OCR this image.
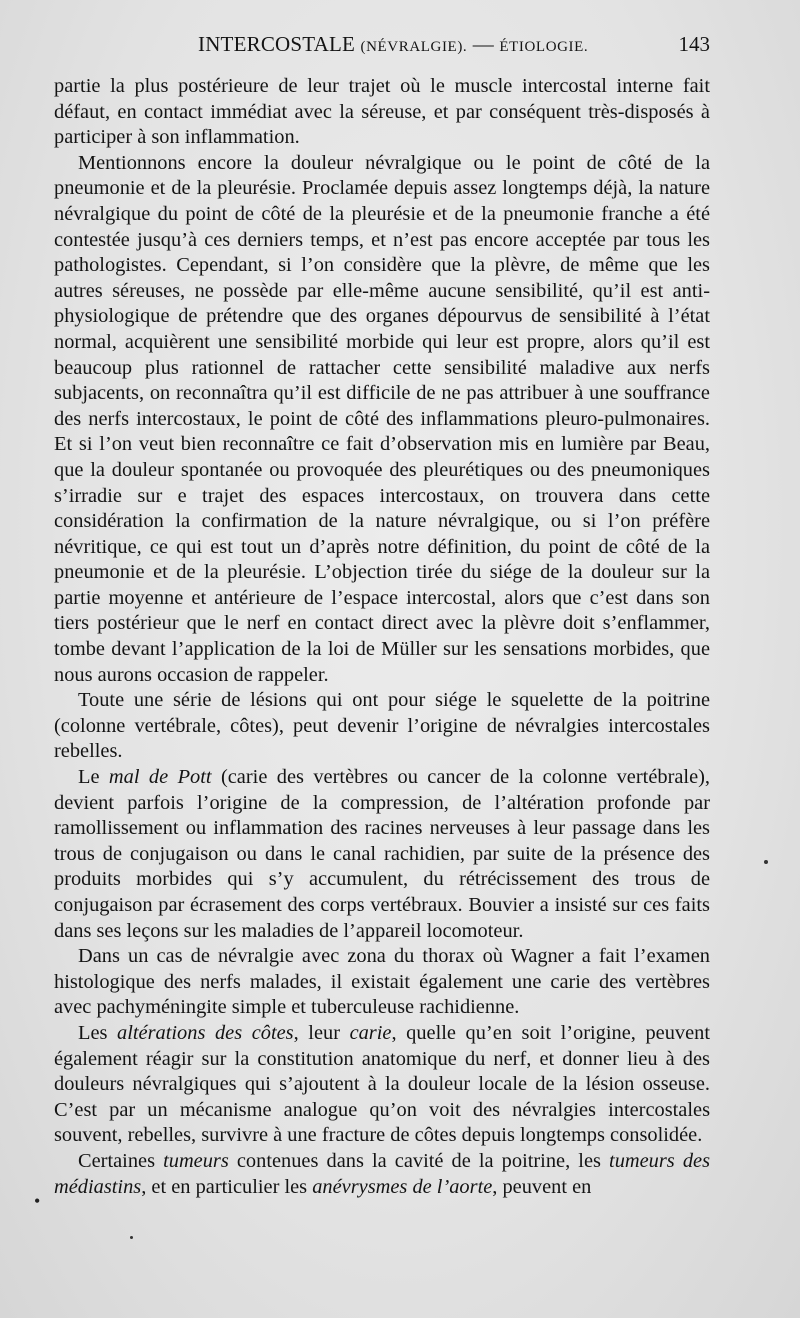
INTERCOSTALE (NÉVRALGIE). — ÉTIOLOGIE.	143

partie la plus postérieure de leur trajet où le muscle intercostal interne fait défaut, en contact immédiat avec la séreuse, et par conséquent très-disposés à participer à son inflammation.

Mentionnons encore la douleur névralgique ou le point de côté de la pneumonie et de la pleurésie. Proclamée depuis assez longtemps déjà, la nature névralgique du point de côté de la pleurésie et de la pneumonie franche a été contestée jusqu’à ces derniers temps, et n’est pas encore acceptée par tous les pathologistes. Cependant, si l’on considère que la plèvre, de même que les autres séreuses, ne possède par elle-même aucune sensibilité, qu’il est anti-physiologique de prétendre que des organes dépourvus de sensibilité à l’état normal, acquièrent une sensibilité morbide qui leur est propre, alors qu’il est beaucoup plus rationnel de rattacher cette sensibilité maladive aux nerfs subjacents, on reconnaîtra qu’il est difficile de ne pas attribuer à une souffrance des nerfs intercostaux, le point de côté des inflammations pleuro-pulmonaires. Et si l’on veut bien reconnaître ce fait d’observation mis en lumière par Beau, que la douleur spontanée ou provoquée des pleurétiques ou des pneumoniques s’irradie sur e trajet des espaces intercostaux, on trouvera dans cette considération la confirmation de la nature névralgique, ou si l’on préfère névritique, ce qui est tout un d’après notre définition, du point de côté de la pneumonie et de la pleurésie. L’objection tirée du siége de la douleur sur la partie moyenne et antérieure de l’espace intercostal, alors que c’est dans son tiers postérieur que le nerf en contact direct avec la plèvre doit s’enflammer, tombe devant l’application de la loi de Müller sur les sensations morbides, que nous aurons occasion de rappeler.

Toute une série de lésions qui ont pour siége le squelette de la poitrine (colonne vertébrale, côtes), peut devenir l’origine de névralgies intercostales rebelles.

Le mal de Pott (carie des vertèbres ou cancer de la colonne vertébrale), devient parfois l’origine de la compression, de l’altération profonde par ramollissement ou inflammation des racines nerveuses à leur passage dans les trous de conjugaison ou dans le canal rachidien, par suite de la présence des produits morbides qui s’y accumulent, du rétrécissement des trous de conjugaison par écrasement des corps vertébraux. Bouvier a insisté sur ces faits dans ses leçons sur les maladies de l’appareil locomoteur.

Dans un cas de névralgie avec zona du thorax où Wagner a fait l’examen histologique des nerfs malades, il existait également une carie des vertèbres avec pachyméningite simple et tuberculeuse rachidienne.

Les altérations des côtes, leur carie, quelle qu’en soit l’origine, peuvent également réagir sur la constitution anatomique du nerf, et donner lieu à des douleurs névralgiques qui s’ajoutent à la douleur locale de la lésion osseuse. C’est par un mécanisme analogue qu’on voit des névralgies intercostales souvent, rebelles, survivre à une fracture de côtes depuis longtemps consolidée.

Certaines tumeurs contenues dans la cavité de la poitrine, les tumeurs des médiastins, et en particulier les anévrysmes de l’aorte, peuvent en

•
